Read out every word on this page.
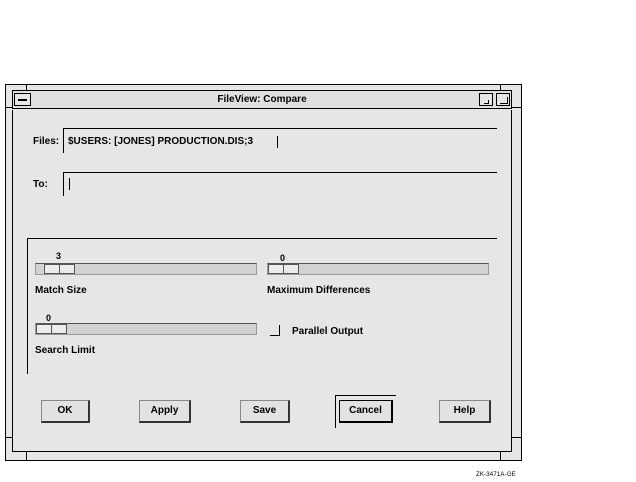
FileView: Compare
Files: $USERS: [JONES] PRODUCTION.DIS;3
To:
3
Match Size
0
Maximum Differences
0
Search Limit
Parallel Output
OK	Apply	Save	Cancel	Help
ZK-3471A-GE
